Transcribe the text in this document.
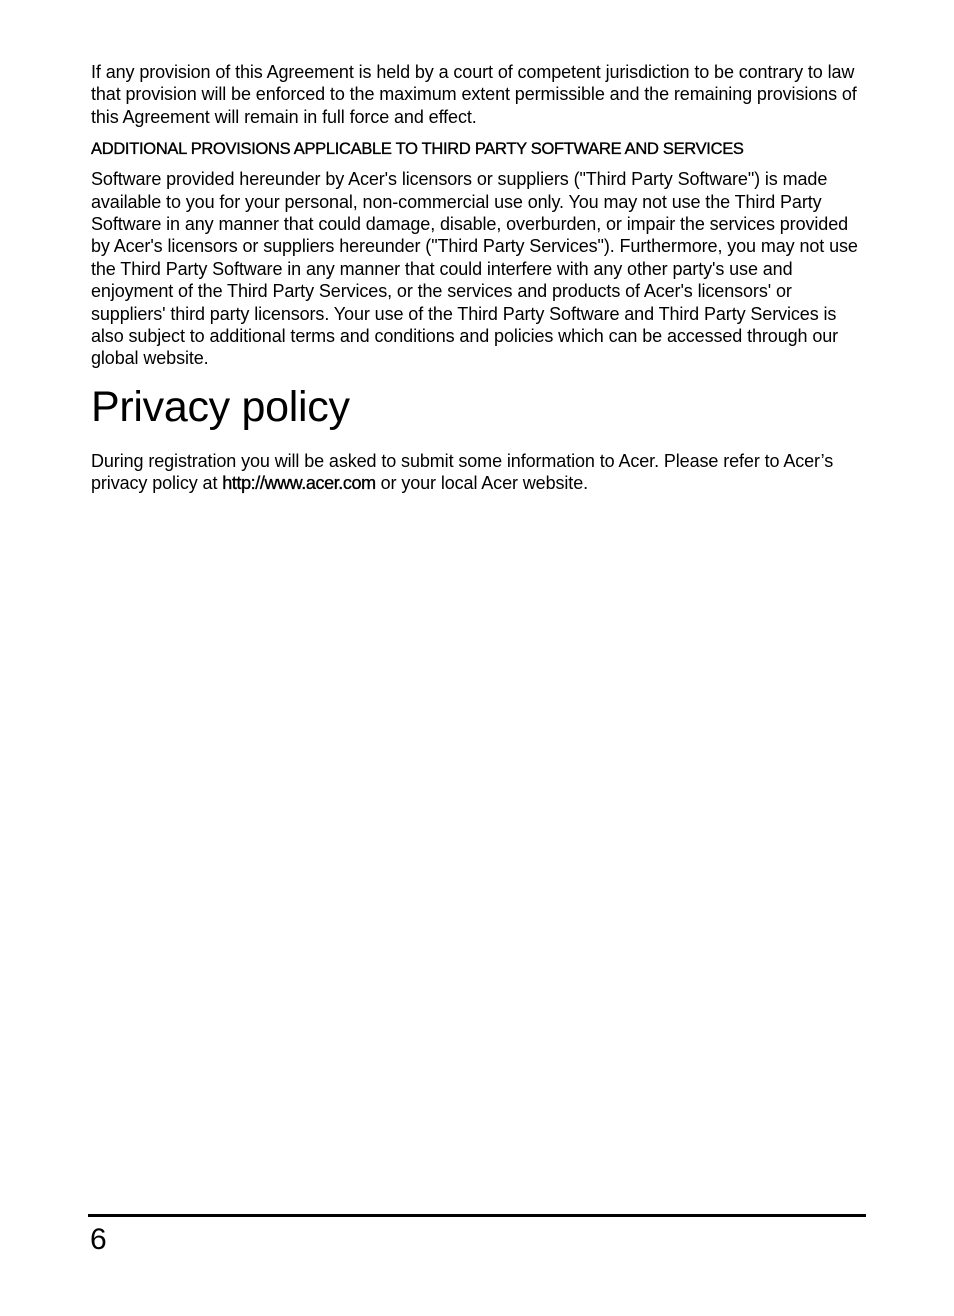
If any provision of this Agreement is held by a court of competent jurisdiction to be contrary to law that provision will be enforced to the maximum extent permissible and the remaining provisions of this Agreement will remain in full force and effect.

ADDITIONAL PROVISIONS APPLICABLE TO THIRD PARTY SOFTWARE AND SERVICES

Software provided hereunder by Acer's licensors or suppliers ("Third Party Software") is made available to you for your personal, non-commercial use only. You may not use the Third Party Software in any manner that could damage, disable, overburden, or impair the services provided by Acer's licensors or suppliers hereunder ("Third Party Services"). Furthermore, you may not use the Third Party Software in any manner that could interfere with any other party's use and enjoyment of the Third Party Services, or the services and products of Acer's licensors' or suppliers' third party licensors. Your use of the Third Party Software and Third Party Services is also subject to additional terms and conditions and policies which can be accessed through our global website.

Privacy policy

During registration you will be asked to submit some information to Acer. Please refer to Acer’s privacy policy at http://www.acer.com or your local Acer website.

6
